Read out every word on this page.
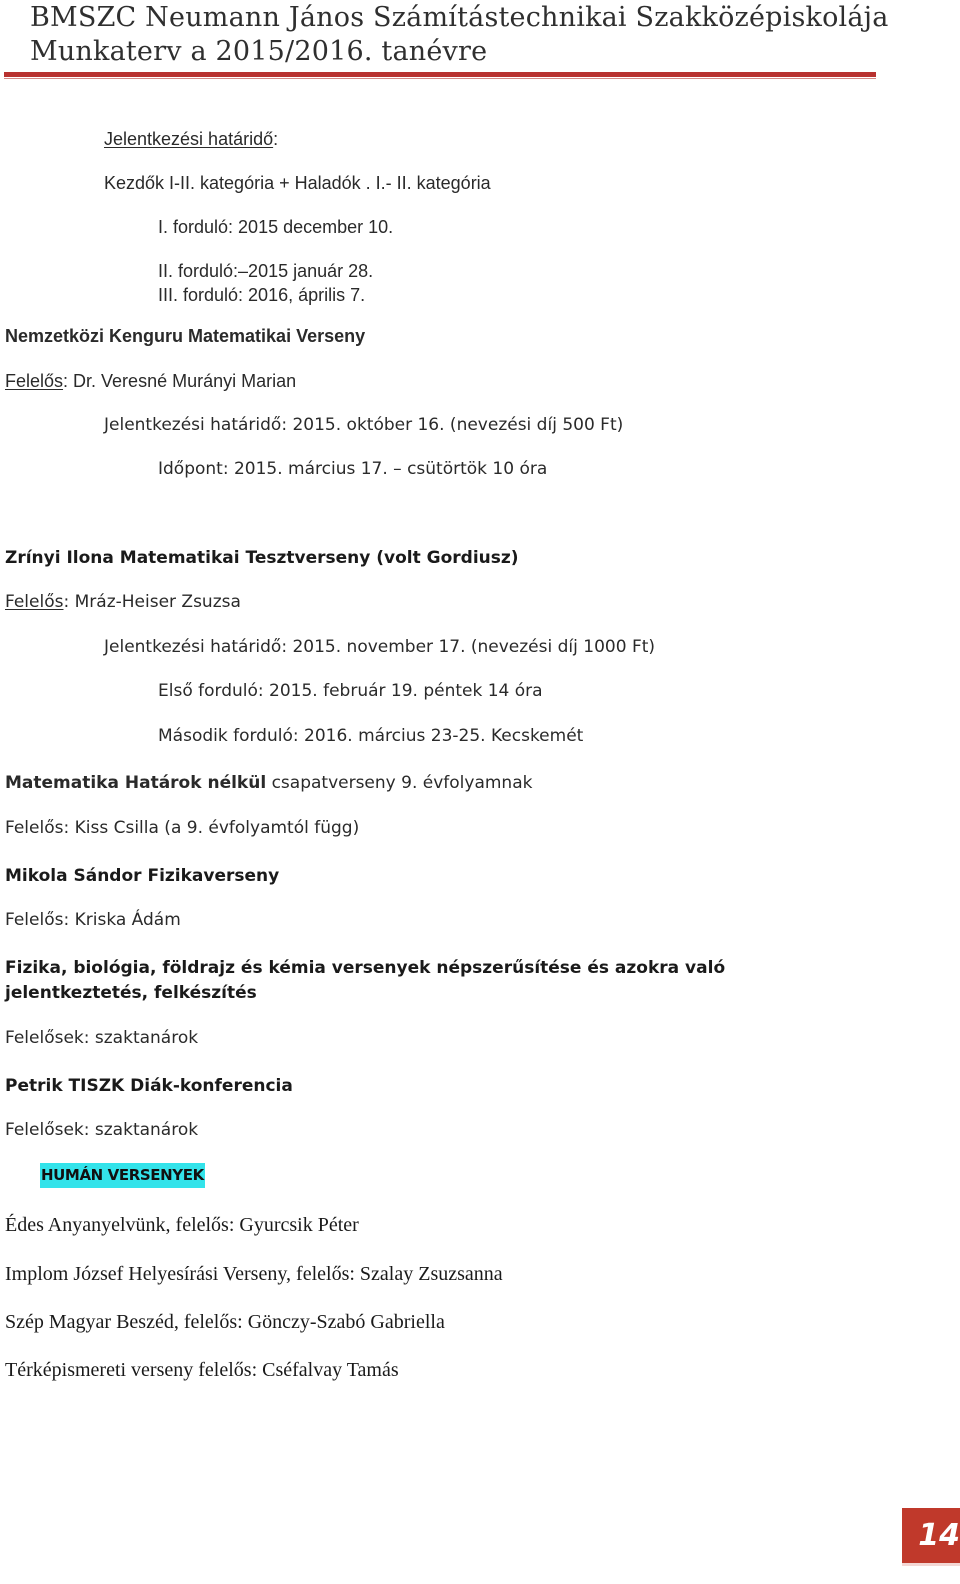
BMSZC Neumann János Számítástechnikai Szakközépiskolája
Munkaterv a 2015/2016. tanévre
Jelentkezési határidő:
Kezdők I-II. kategória + Haladók . I.- II. kategória
I. forduló: 2015 december 10.
II. forduló:–2015 január 28.
III. forduló: 2016, április 7.
Nemzetközi Kenguru Matematikai Verseny
Felelős: Dr. Veresné Murányi Marian
Jelentkezési határidő: 2015. október 16. (nevezési díj 500 Ft)
Időpont: 2015. március 17. – csütörtök 10 óra
Zrínyi Ilona Matematikai Tesztverseny (volt Gordiusz)
Felelős: Mráz-Heiser Zsuzsa
Jelentkezési határidő: 2015. november 17. (nevezési díj 1000 Ft)
Első forduló: 2015. február 19. péntek 14 óra
Második forduló: 2016. március 23-25. Kecskemét
Matematika Határok nélkül csapatverseny 9. évfolyamnak
Felelős: Kiss Csilla (a 9. évfolyamtól függ)
Mikola Sándor Fizikaverseny
Felelős: Kriska Ádám
Fizika, biológia, földrajz és kémia versenyek népszerűsítése és azokra való
jelentkeztetés, felkészítés
Felelősek: szaktanárok
Petrik TISZK Diák-konferencia
Felelősek: szaktanárok
HUMÁN VERSENYEK
Édes Anyanyelvünk, felelős: Gyurcsik Péter
Implom József Helyesírási Verseny, felelős: Szalay Zsuzsanna
Szép Magyar Beszéd, felelős: Gönczy-Szabó Gabriella
Térképismereti verseny felelős: Cséfalvay Tamás
14
